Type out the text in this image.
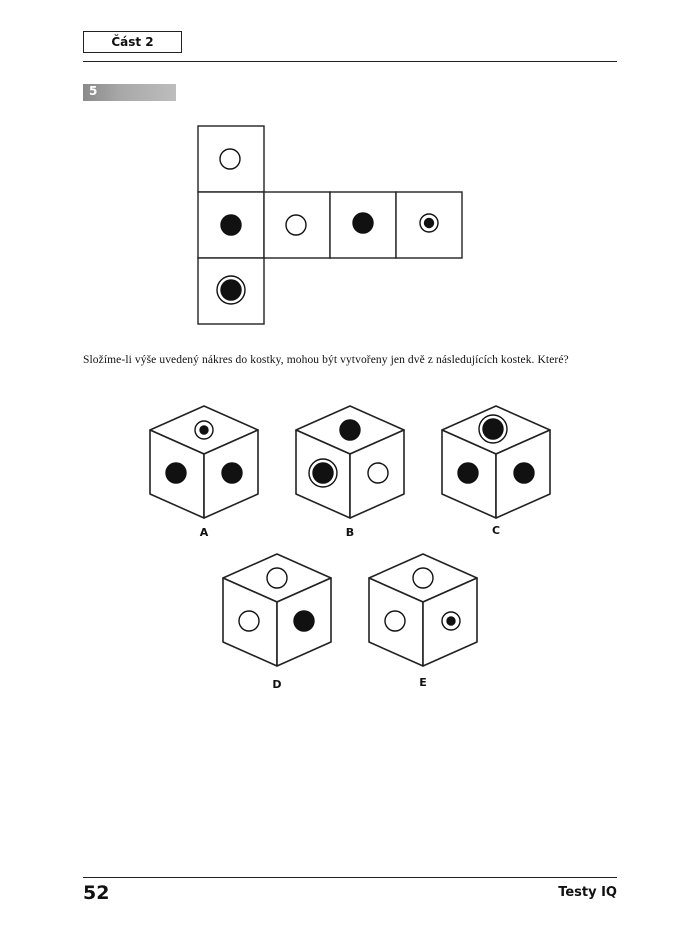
Část 2
5
Složíme-li výše uvedený nákres do kostky, mohou být vytvořeny jen dvě z následujících kostek. Které?
A	B	C
D	E
52	Testy IQ
